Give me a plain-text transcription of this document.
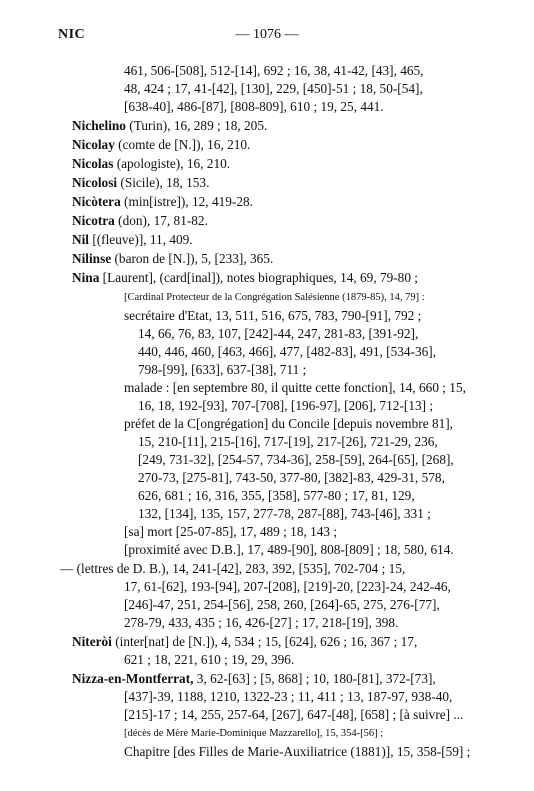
NIC	— 1076 —
461, 506-[508], 512-[14], 692 ; 16, 38, 41-42, [43], 465,
48, 424 ; 17, 41-[42], [130], 229, [450]-51 ; 18, 50-[54],
[638-40], 486-[87], [808-809], 610 ; 19, 25, 441.
Nichelino (Turin), 16, 289 ; 18, 205.
Nicolay (comte de [N.]), 16, 210.
Nicolas (apologiste), 16, 210.
Nicolosi (Sicile), 18, 153.
Nicòtera (min[istre]), 12, 419-28.
Nicotra (don), 17, 81-82.
Nil [(fleuve)], 11, 409.
Nilinse (baron de [N.]), 5, [233], 365.
Nina [Laurent], (card[inal]), notes biographiques, 14, 69, 79-80 ;
[Cardinal Protecteur de la Congrégation Salésienne (1879-85), 14, 79] :
secrétaire d'Etat, 13, 511, 516, 675, 783, 790-[91], 792 ;
14, 66, 76, 83, 107, [242]-44, 247, 281-83, [391-92],
440, 446, 460, [463, 466], 477, [482-83], 491, [534-36],
798-[99], [633], 637-[38], 711 ;
malade : [en septembre 80, il quitte cette fonction], 14, 660 ; 15,
16, 18, 192-[93], 707-[708], [196-97], [206], 712-[13] ;
préfet de la C[ongrégation] du Concile [depuis novembre 81],
15, 210-[11], 215-[16], 717-[19], 217-[26], 721-29, 236,
[249, 731-32], [254-57, 734-36], 258-[59], 264-[65], [268],
270-73, [275-81], 743-50, 377-80, [382]-83, 429-31, 578,
626, 681 ; 16, 316, 355, [358], 577-80 ; 17, 81, 129,
132, [134], 135, 157, 277-78, 287-[88], 743-[46], 331 ;
[sa] mort [25-07-85], 17, 489 ; 18, 143 ;
[proximité avec D.B.], 17, 489-[90], 808-[809] ; 18, 580, 614.
— (lettres de D. B.), 14, 241-[42], 283, 392, [535], 702-704 ; 15,
17, 61-[62], 193-[94], 207-[208], [219]-20, [223]-24, 242-46,
[246]-47, 251, 254-[56], 258, 260, [264]-65, 275, 276-[77],
278-79, 433, 435 ; 16, 426-[27] ; 17, 218-[19], 398.
Niteròi (inter[nat] de [N.]), 4, 534 ; 15, [624], 626 ; 16, 367 ; 17,
621 ; 18, 221, 610 ; 19, 29, 396.
Nizza-en-Montferrat, 3, 62-[63] ; [5, 868] ; 10, 180-[81], 372-[73],
[437]-39, 1188, 1210, 1322-23 ; 11, 411 ; 13, 187-97, 938-40,
[215]-17 ; 14, 255, 257-64, [267], 647-[48], [658] ; [à suivre] ...
[décès de Mère Marie-Dominique Mazzarello], 15, 354-[56] ;
Chapitre [des Filles de Marie-Auxiliatrice (1881)], 15, 358-[59] ;
